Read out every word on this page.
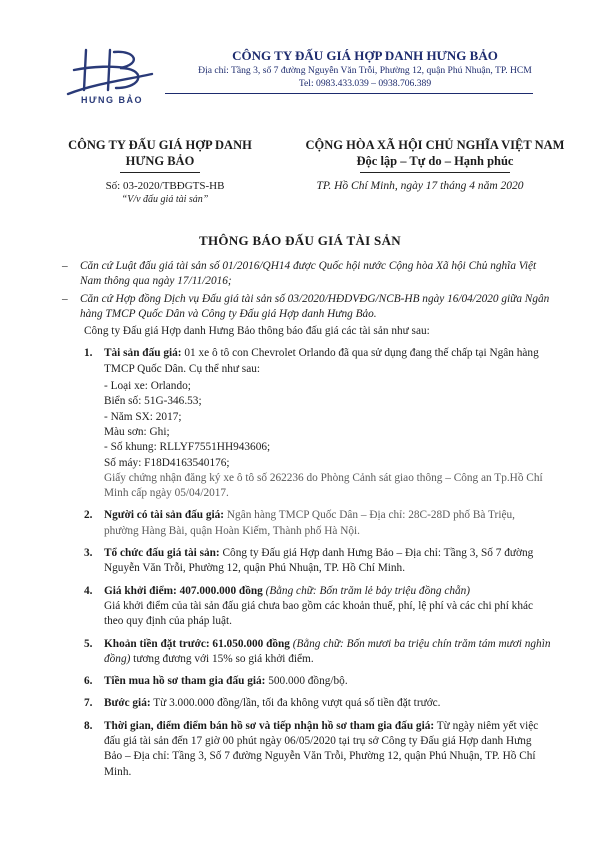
HƯNG BẢO
CÔNG TY ĐẤU GIÁ HỢP DANH HƯNG BẢO
Địa chỉ: Tầng 3, số 7 đường Nguyễn Văn Trỗi, Phường 12, quận Phú Nhuận, TP. HCM
Tel: 0983.433.039 – 0938.706.389
CÔNG TY ĐẤU GIÁ HỢP DANH
HƯNG BẢO
CỘNG HÒA XÃ HỘI CHỦ NGHĨA VIỆT NAM
Độc lập – Tự do – Hạnh phúc
Số: 03-2020/TBĐGTS-HB
“V/v đấu giá tài sản”
TP. Hồ Chí Minh, ngày 17 tháng 4 năm 2020
THÔNG BÁO ĐẤU GIÁ TÀI SẢN
– Căn cứ Luật đấu giá tài sản số 01/2016/QH14 được Quốc hội nước Cộng hòa Xã hội Chủ nghĩa Việt Nam thông qua ngày 17/11/2016;
– Căn cứ Hợp đồng Dịch vụ Đấu giá tài sản số 03/2020/HĐDVĐG/NCB-HB ngày 16/04/2020 giữa Ngân hàng TMCP Quốc Dân và Công ty Đấu giá Hợp danh Hưng Bảo.
Công ty Đấu giá Hợp danh Hưng Bảo thông báo đấu giá các tài sản như sau:
1. Tài sản đấu giá: 01 xe ô tô con Chevrolet Orlando đã qua sử dụng đang thế chấp tại Ngân hàng TMCP Quốc Dân. Cụ thể như sau:
- Loại xe: Orlando;
Biển số: 51G-346.53;
- Năm SX: 2017;
Màu sơn: Ghi;
- Số khung: RLLYF7551HH943606;
Số máy: F18D4163540176;
Giấy chứng nhận đăng ký xe ô tô số 262236 do Phòng Cảnh sát giao thông – Công an Tp.Hồ Chí Minh cấp ngày 05/04/2017.
2. Người có tài sản đấu giá: Ngân hàng TMCP Quốc Dân – Địa chỉ: 28C-28D phố Bà Triệu, phường Hàng Bài, quận Hoàn Kiếm, Thành phố Hà Nội.
3. Tổ chức đấu giá tài sản: Công ty Đấu giá Hợp danh Hưng Bảo – Địa chỉ: Tầng 3, Số 7 đường Nguyễn Văn Trỗi, Phường 12, quận Phú Nhuận, TP. Hồ Chí Minh.
4. Giá khởi điểm: 407.000.000 đồng (Bằng chữ: Bốn trăm lẻ bảy triệu đồng chẵn)
Giá khởi điểm của tài sản đấu giá chưa bao gồm các khoản thuế, phí, lệ phí và các chi phí khác theo quy định của pháp luật.
5. Khoản tiền đặt trước: 61.050.000 đồng (Bằng chữ: Bốn mươi ba triệu chín trăm tám mươi nghìn đồng) tương đương với 15% so giá khởi điểm.
6. Tiền mua hồ sơ tham gia đấu giá: 500.000 đồng/bộ.
7. Bước giá: Từ 3.000.000 đồng/lần, tối đa không vượt quá số tiền đặt trước.
8. Thời gian, điểm điểm bán hồ sơ và tiếp nhận hồ sơ tham gia đấu giá: Từ ngày niêm yết việc đấu giá tài sản đến 17 giờ 00 phút ngày 06/05/2020 tại trụ sở Công ty Đấu giá Hợp danh Hưng Bảo – Địa chỉ: Tầng 3, Số 7 đường Nguyễn Văn Trỗi, Phường 12, quận Phú Nhuận, TP. Hồ Chí Minh.
